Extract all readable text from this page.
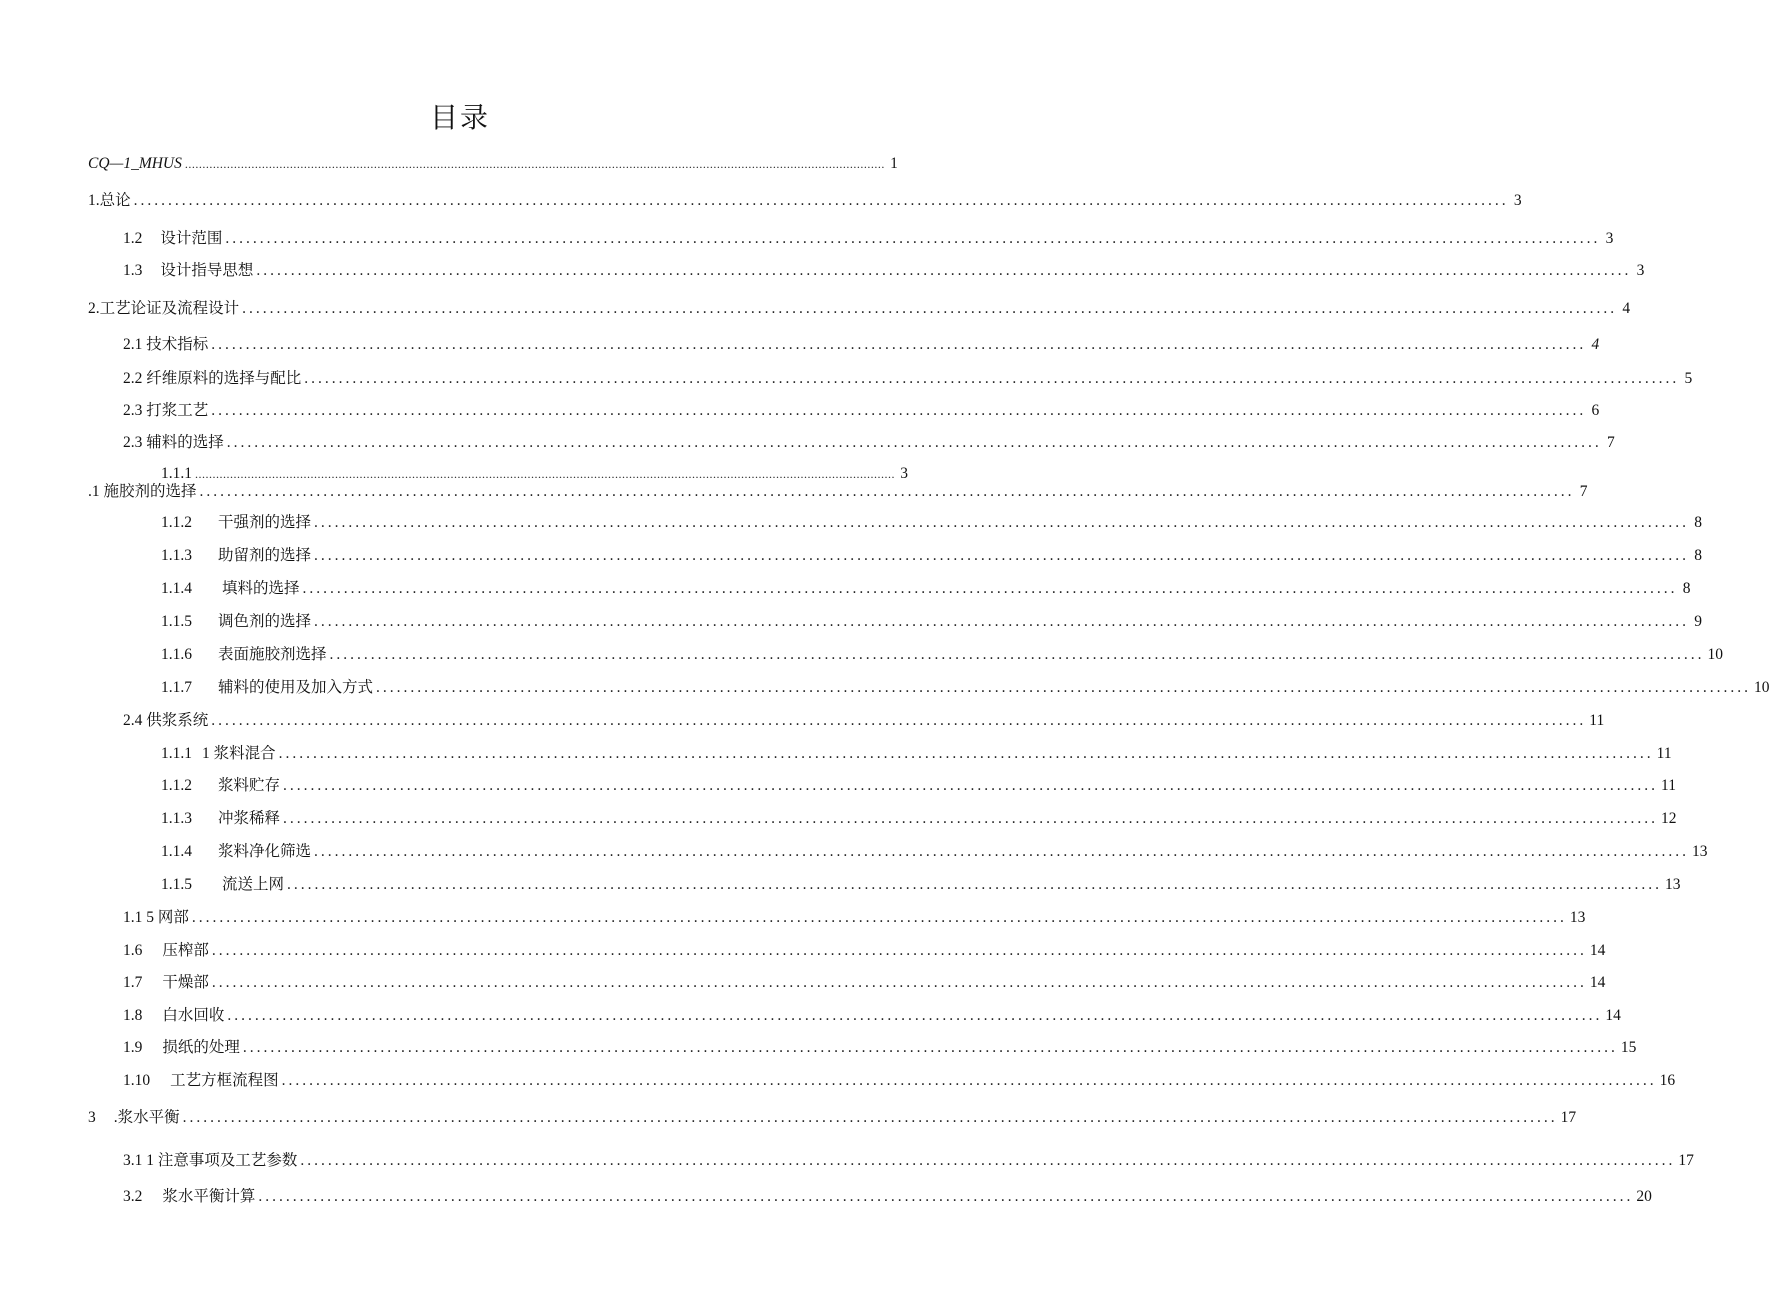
目录
CQ—1_MHUS ........................................................................................................................................................................................................ 1
1.总论 ........................................................................................................................................................................................................ 3
1.2 设计范围 ........................................................................................................................................................................................................ 3
1.3 设计指导思想 ........................................................................................................................................................................................................ 3
2.工艺论证及流程设计 ........................................................................................................................................................................................................ 4
2.1 技术指标 ........................................................................................................................................................................................................ 4
2.2 纤维原料的选择与配比 ........................................................................................................................................................................................................ 5
2.3 打浆工艺 ........................................................................................................................................................................................................ 6
2.3 辅料的选择 ........................................................................................................................................................................................................ 7
1.1.1 ........................................................................................................................................................................................................ 3
.1 施胶剂的选择 ........................................................................................................................................................................................................ 7
1.1.2 干强剂的选择 ........................................................................................................................................................................................................ 8
1.1.3 助留剂的选择 ........................................................................................................................................................................................................ 8
1.1.4 填料的选择 ........................................................................................................................................................................................................ 8
1.1.5 调色剂的选择 ........................................................................................................................................................................................................ 9
1.1.6 表面施胶剂选择 ........................................................................................................................................................................................................ 10
1.1.7 辅料的使用及加入方式 ........................................................................................................................................................................................................ 10
2.4 供浆系统 ........................................................................................................................................................................................................ 11
1.1.1 1 浆料混合 ........................................................................................................................................................................................................ 11
1.1.2 浆料贮存 ........................................................................................................................................................................................................ 11
1.1.3 冲浆稀释 ........................................................................................................................................................................................................ 12
1.1.4 浆料净化筛选 ........................................................................................................................................................................................................ 13
1.1.5 流送上网 ........................................................................................................................................................................................................ 13
1.1 5 网部 ........................................................................................................................................................................................................ 13
1.6 压榨部 ........................................................................................................................................................................................................ 14
1.7 干燥部 ........................................................................................................................................................................................................ 14
1.8 白水回收 ........................................................................................................................................................................................................ 14
1.9 损纸的处理 ........................................................................................................................................................................................................ 15
1.10 工艺方框流程图 ........................................................................................................................................................................................................ 16
3 .浆水平衡 ........................................................................................................................................................................................................ 17
3.1 1 注意事项及工艺参数 ........................................................................................................................................................................................................ 17
3.2 浆水平衡计算 ........................................................................................................................................................................................................ 20
